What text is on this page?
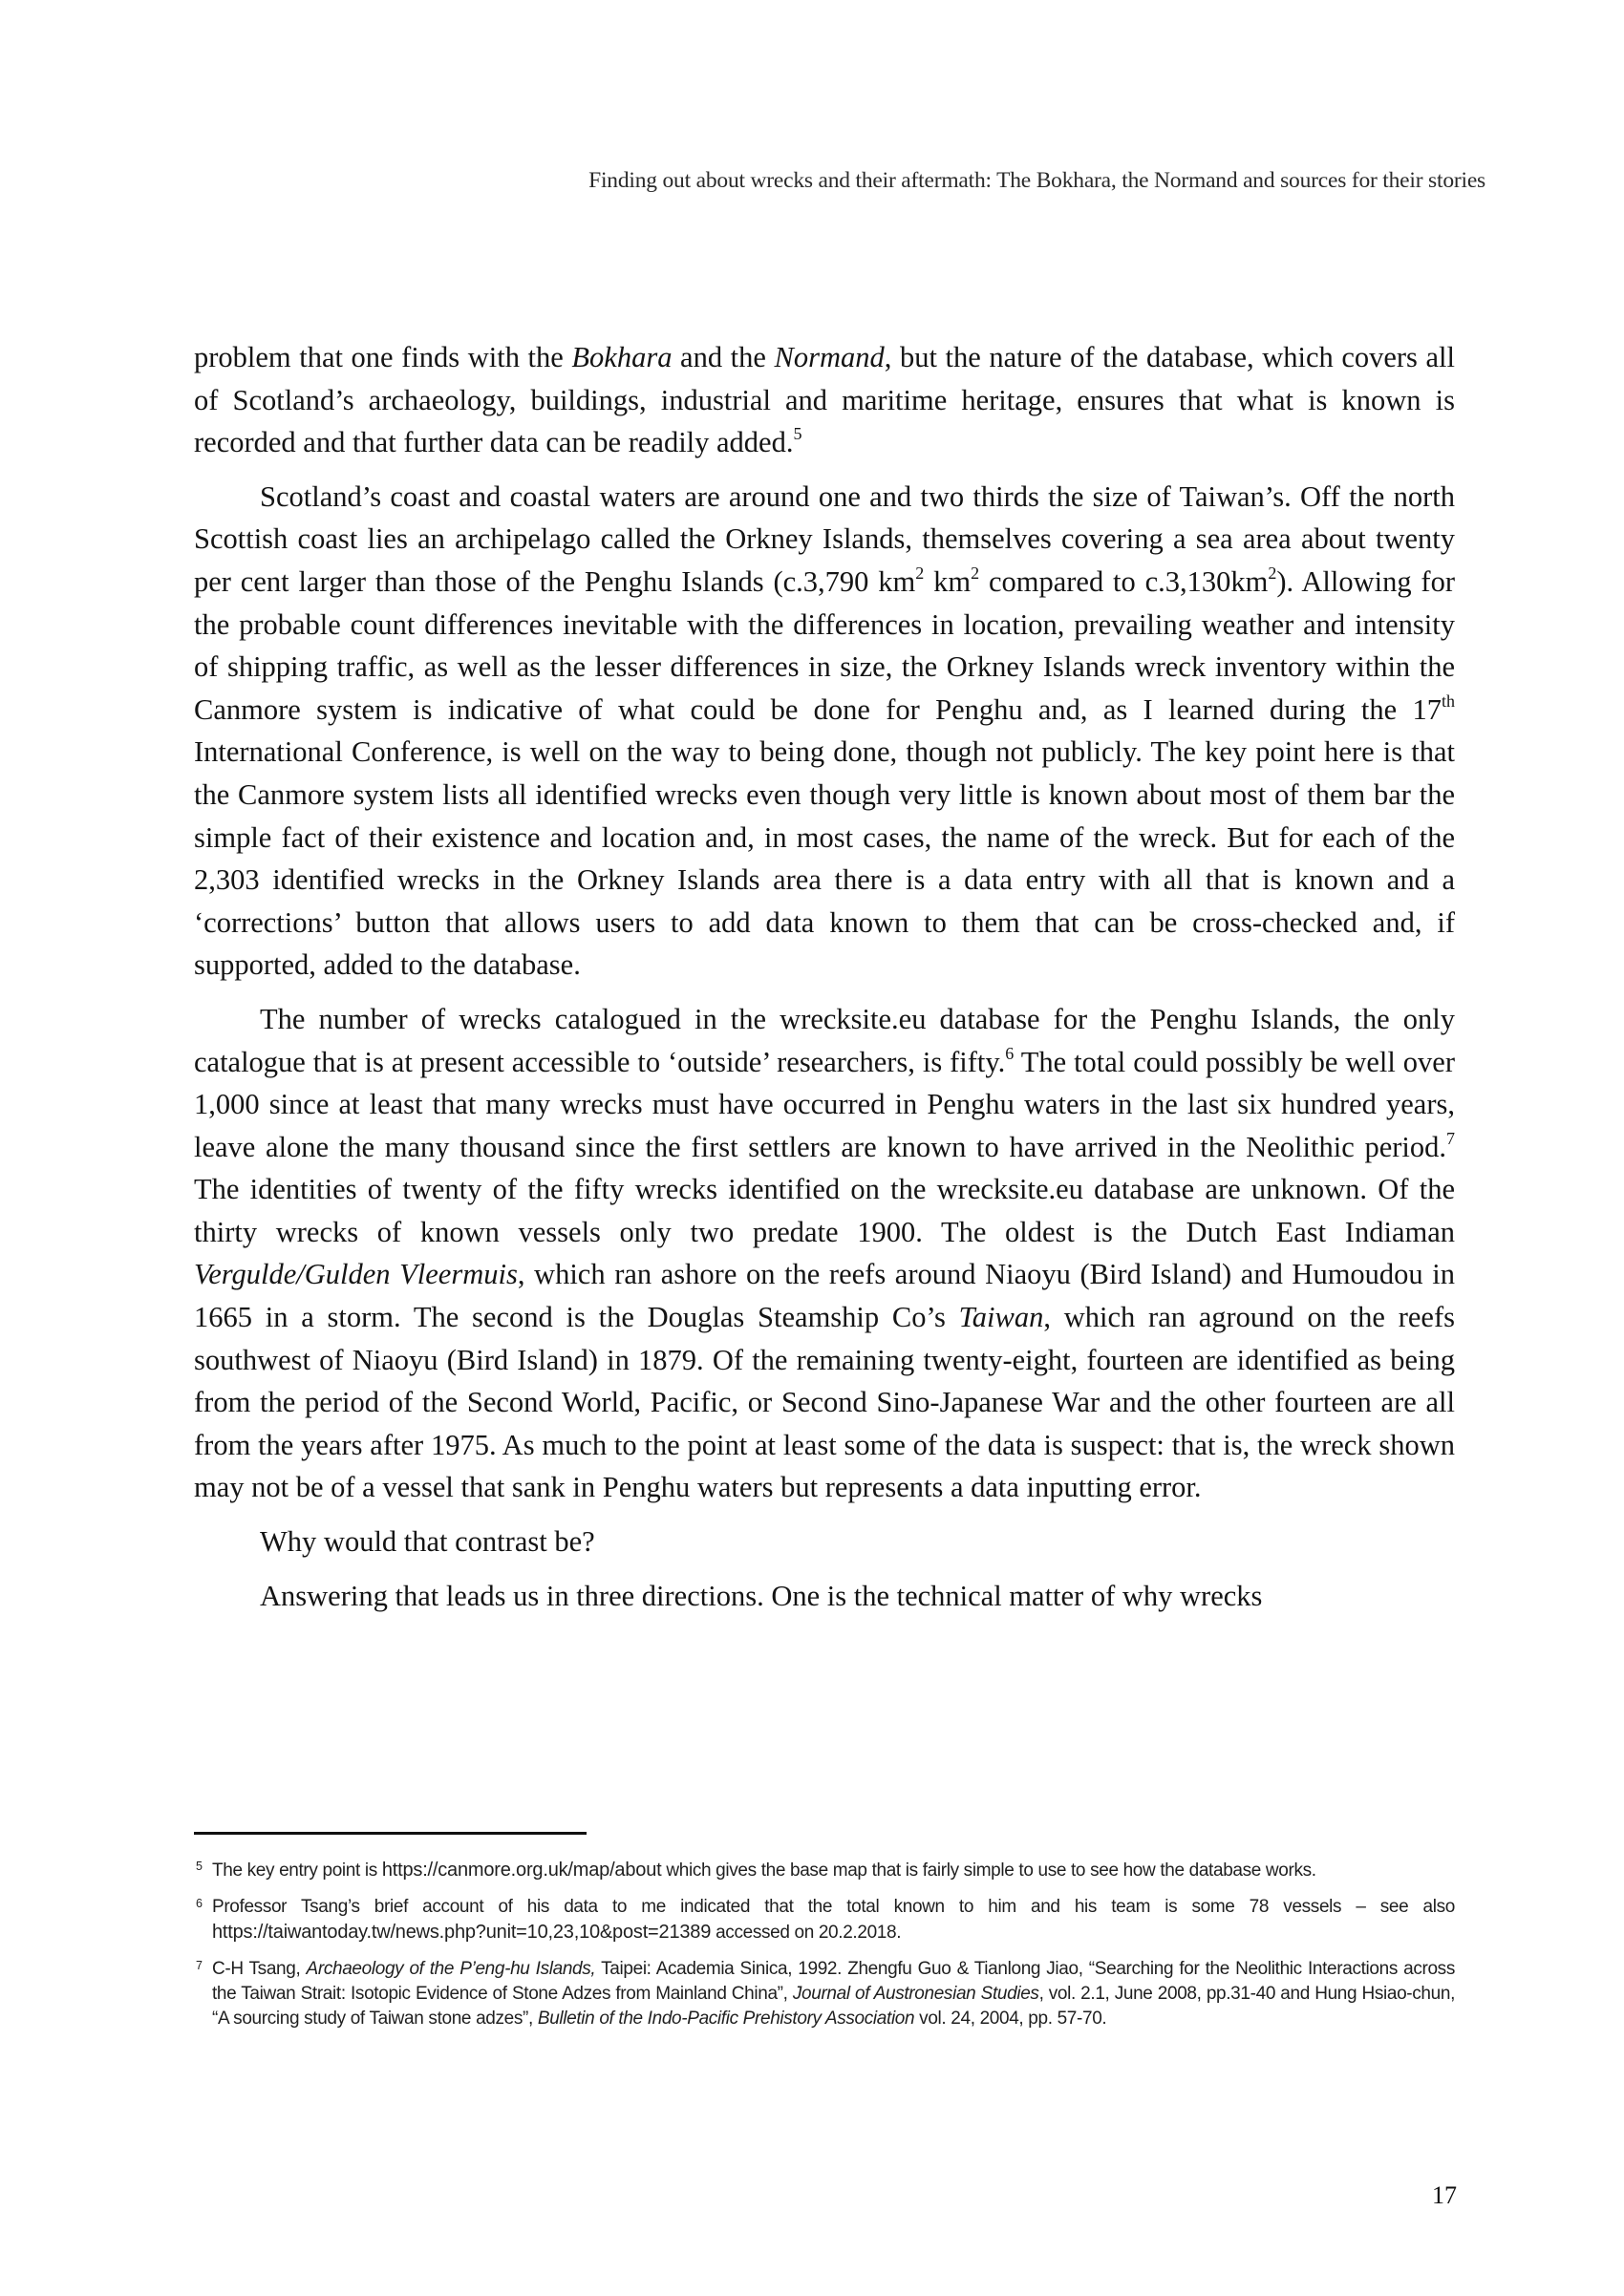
Finding out about wrecks and their aftermath: The Bokhara, the Normand and sources for their stories

problem that one finds with the Bokhara and the Normand, but the nature of the database, which covers all of Scotland’s archaeology, buildings, industrial and maritime heritage, ensures that what is known is recorded and that further data can be readily added.$^5$

Scotland’s coast and coastal waters are around one and two thirds the size of Taiwan’s. Off the north Scottish coast lies an archipelago called the Orkney Islands, themselves covering a sea area about twenty per cent larger than those of the Penghu Islands (c.3,790 $km^2$ $km^2$ compared to $c.3,130km^2$). Allowing for the probable count differences inevitable with the differences in location, prevailing weather and intensity of shipping traffic, as well as the lesser differences in size, the Orkney Islands wreck inventory within the Canmore system is indicative of what could be done for Penghu and, as I learned during the 17th International Conference, is well on the way to being done, though not publicly. The key point here is that the Canmore system lists all identified wrecks even though very little is known about most of them bar the simple fact of their existence and location and, in most cases, the name of the wreck. But for each of the 2,303 identified wrecks in the Orkney Islands area there is a data entry with all that is known and a ‘corrections’ button that allows users to add data known to them that can be cross-checked and, if supported, added to the database.

The number of wrecks catalogued in the wrecksite.eu database for the Penghu Islands, the only catalogue that is at present accessible to ‘outside’ researchers, is fifty.$^6$ The total could possibly be well over 1,000 since at least that many wrecks must have occurred in Penghu waters in the last six hundred years, leave alone the many thousand since the first settlers are known to have arrived in the Neolithic period.$^7$ The identities of twenty of the fifty wrecks identified on the wrecksite.eu database are unknown. Of the thirty wrecks of known vessels only two predate 1900. The oldest is the Dutch East Indiaman Vergulde/Gulden Vleermuis, which ran ashore on the reefs around Niaoyu (Bird Island) and Humoudou in 1665 in a storm. The second is the Douglas Steamship Co’s Taiwan, which ran aground on the reefs southwest of Niaoyu (Bird Island) in 1879. Of the remaining twenty-eight, fourteen are identified as being from the period of the Second World, Pacific, or Second Sino-Japanese War and the other fourteen are all from the years after 1975. As much to the point at least some of the data is suspect: that is, the wreck shown may not be of a vessel that sank in Penghu waters but represents a data inputting error.

Why would that contrast be?

Answering that leads us in three directions. One is the technical matter of why wrecks

5 The key entry point is https://canmore.org.uk/map/about which gives the base map that is fairly simple to use to see how the database works.
6 Professor Tsang’s brief account of his data to me indicated that the total known to him and his team is some 78 vessels – see also https://taiwantoday.tw/news.php?unit=10,23,10&post=21389 accessed on 20.2.2018.
7 C-H Tsang, Archaeology of the P’eng-hu Islands, Taipei: Academia Sinica, 1992. Zhengfu Guo & Tianlong Jiao, “Searching for the Neolithic Interactions across the Taiwan Strait: Isotopic Evidence of Stone Adzes from Mainland China”, Journal of Austronesian Studies, vol. 2.1, June 2008, pp.31-40 and Hung Hsiao-chun, “A sourcing study of Taiwan stone adzes”, Bulletin of the Indo-Pacific Prehistory Association vol. 24, 2004, pp. 57-70.
17
